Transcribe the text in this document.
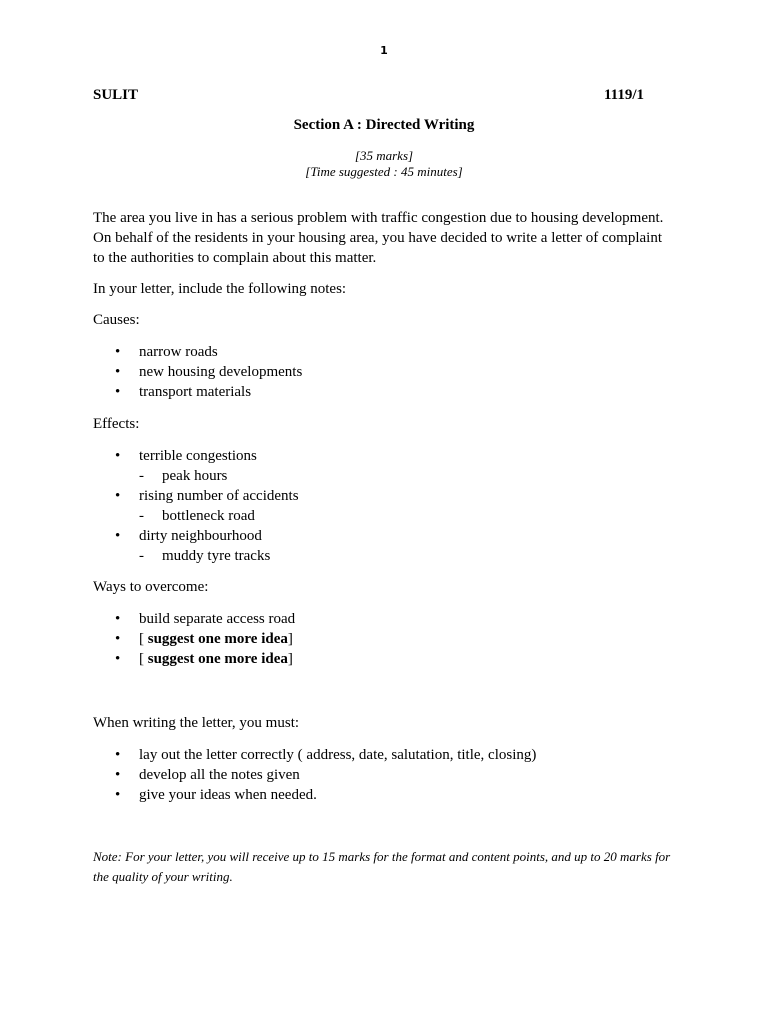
1
SULIT	1119/1
Section A : Directed Writing
[35 marks]
[Time suggested : 45 minutes]
The area you live in has a serious problem with traffic congestion due to housing development. On behalf of the residents in your housing area, you have decided to write a letter of complaint to the authorities to complain about this matter.
In your letter, include the following notes:
Causes:
• narrow roads
• new housing developments
• transport materials
Effects:
• terrible congestions
- peak hours
• rising number of accidents
- bottleneck road
• dirty neighbourhood
- muddy tyre tracks
Ways to overcome:
• build separate access road
• [ suggest one more idea]
• [ suggest one more idea]
When writing the letter, you must:
• lay out the letter correctly ( address, date, salutation, title, closing)
• develop all the notes given
• give your ideas when needed.
Note: For your letter, you will receive up to 15 marks for the format and content points, and up to 20 marks for the quality of your writing.
